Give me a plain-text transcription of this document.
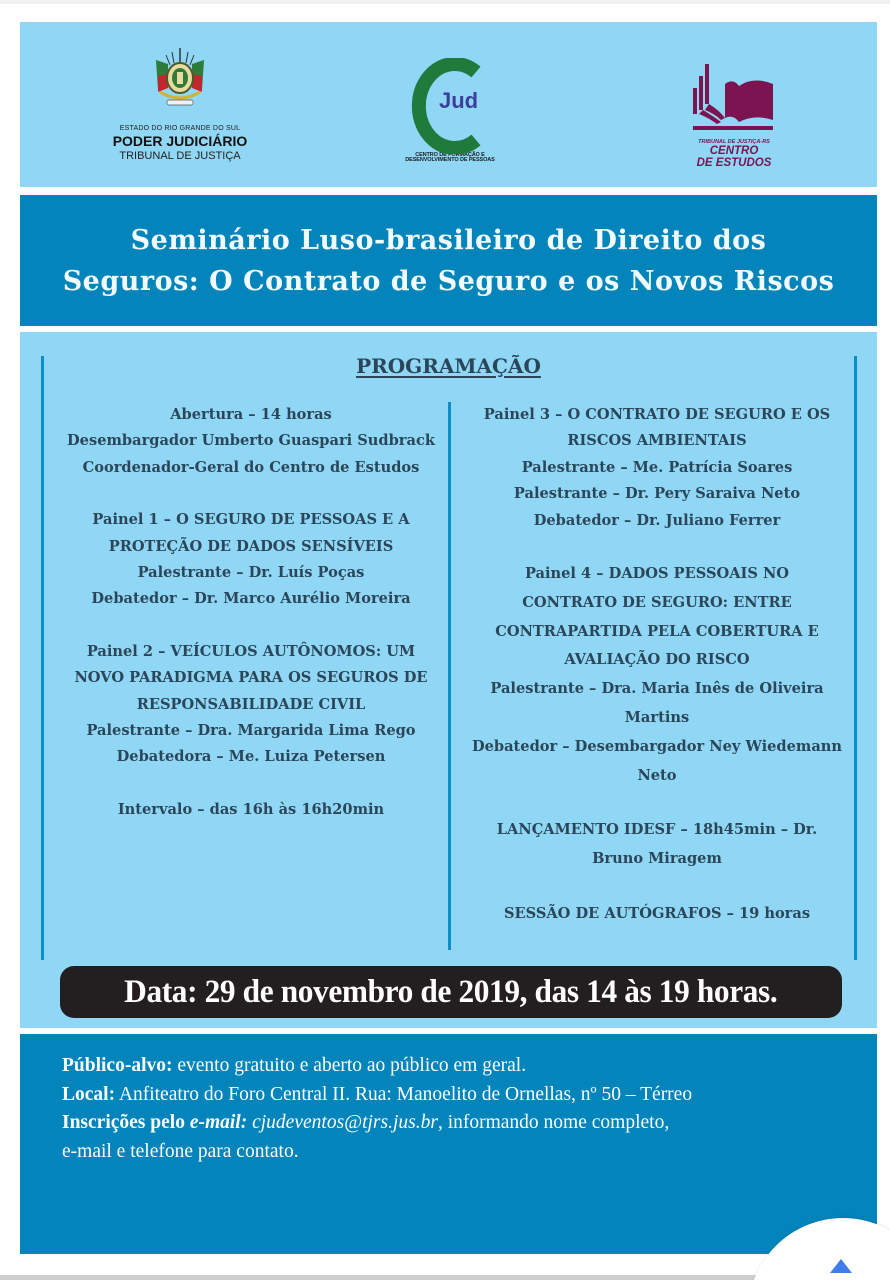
ESTADO DO RIO GRANDE DO SUL
PODER JUDICIÁRIO
TRIBUNAL DE JUSTIÇA
Jud
CENTRO DE FORMAÇÃO E
DESENVOLVIMENTO DE PESSOAS
TRIBUNAL DE JUSTIÇA-RS
CENTRO
DE ESTUDOS
Seminário Luso-brasileiro de Direito dos
Seguros: O Contrato de Seguro e os Novos Riscos
PROGRAMAÇÃO
Abertura – 14 horas
Desembargador Umberto Guaspari Sudbrack
Coordenador-Geral do Centro de Estudos
Painel 1 – O SEGURO DE PESSOAS E A
PROTEÇÃO DE DADOS SENSÍVEIS
Palestrante – Dr. Luís Poças
Debatedor – Dr. Marco Aurélio Moreira
Painel 2 – VEÍCULOS AUTÔNOMOS: UM
NOVO PARADIGMA PARA OS SEGUROS DE
RESPONSABILIDADE CIVIL
Palestrante – Dra. Margarida Lima Rego
Debatedora – Me. Luiza Petersen
Intervalo – das 16h às 16h20min
Painel 3 – O CONTRATO DE SEGURO E OS
RISCOS AMBIENTAIS
Palestrante – Me. Patrícia Soares
Palestrante – Dr. Pery Saraiva Neto
Debatedor – Dr. Juliano Ferrer
Painel 4 – DADOS PESSOAIS NO
CONTRATO DE SEGURO: ENTRE
CONTRAPARTIDA PELA COBERTURA E
AVALIAÇÃO DO RISCO
Palestrante – Dra. Maria Inês de Oliveira
Martins
Debatedor – Desembargador Ney Wiedemann
Neto
LANÇAMENTO IDESF – 18h45min – Dr.
Bruno Miragem
SESSÃO DE AUTÓGRAFOS – 19 horas
Data: 29 de novembro de 2019, das 14 às 19 horas.
Público-alvo: evento gratuito e aberto ao público em geral.
Local: Anfiteatro do Foro Central II. Rua: Manoelito de Ornellas, nº 50 – Térreo
Inscrições pelo e-mail: cjudeventos@tjrs.jus.br, informando nome completo,
e-mail e telefone para contato.
